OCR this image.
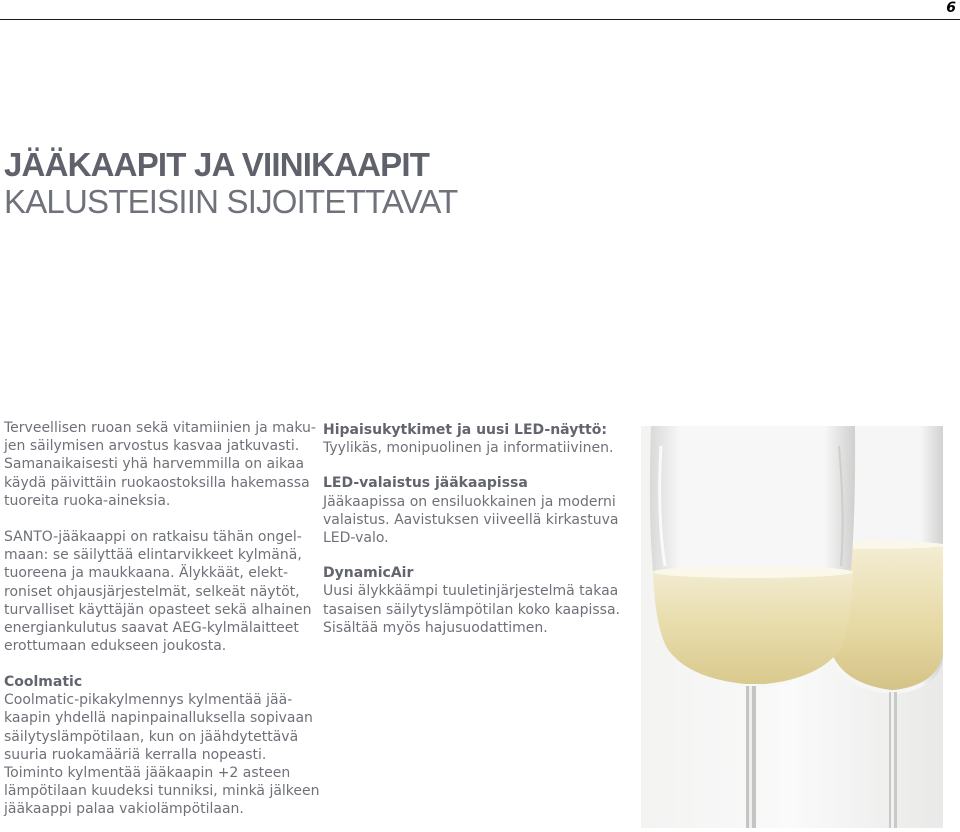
6
JÄÄKAAPIT JA VIINIKAAPIT
KALUSTEISIIN SIJOITETTAVAT

Terveellisen ruoan sekä vitamiinien ja maku-

jen säilymisen arvostus kasvaa jatkuvasti.

Samanaikaisesti yhä harvemmilla on aikaa

käydä päivittäin ruokaostoksilla hakemassa

tuoreita ruoka-aineksia.

SANTO-jääkaappi on ratkaisu tähän ongel-

maan: se säilyttää elintarvikkeet kylmänä,

tuoreena ja maukkaana. Älykkäät, elekt-

roniset ohjausjärjestelmät, selkeät näytöt,

turvalliset käyttäjän opasteet sekä alhainen

energiankulutus saavat AEG-kylmälaitteet

erottumaan edukseen joukosta.

Coolmatic

Coolmatic-pikakylmennys kylmentää jää-

kaapin yhdellä napinpainalluksella sopivaan

säilytyslämpötilaan, kun on jäähdytettävä

suuria ruokamääriä kerralla nopeasti.

Toiminto kylmentää jääkaapin +2 asteen

lämpötilaan kuudeksi tunniksi, minkä jälkeen

jääkaappi palaa vakiolämpötilaan.

Hipaisukytkimet ja uusi LED-näyttö:

Tyylikäs, monipuolinen ja informatiivinen.

LED-valaistus jääkaapissa

Jääkaapissa on ensiluokkainen ja moderni

valaistus. Aavistuksen viiveellä kirkastuva

LED-valo.

DynamicAir

Uusi älykkäämpi tuuletinjärjestelmä takaa

tasaisen säilytyslämpötilan koko kaapissa.

Sisältää myös hajusuodattimen.
